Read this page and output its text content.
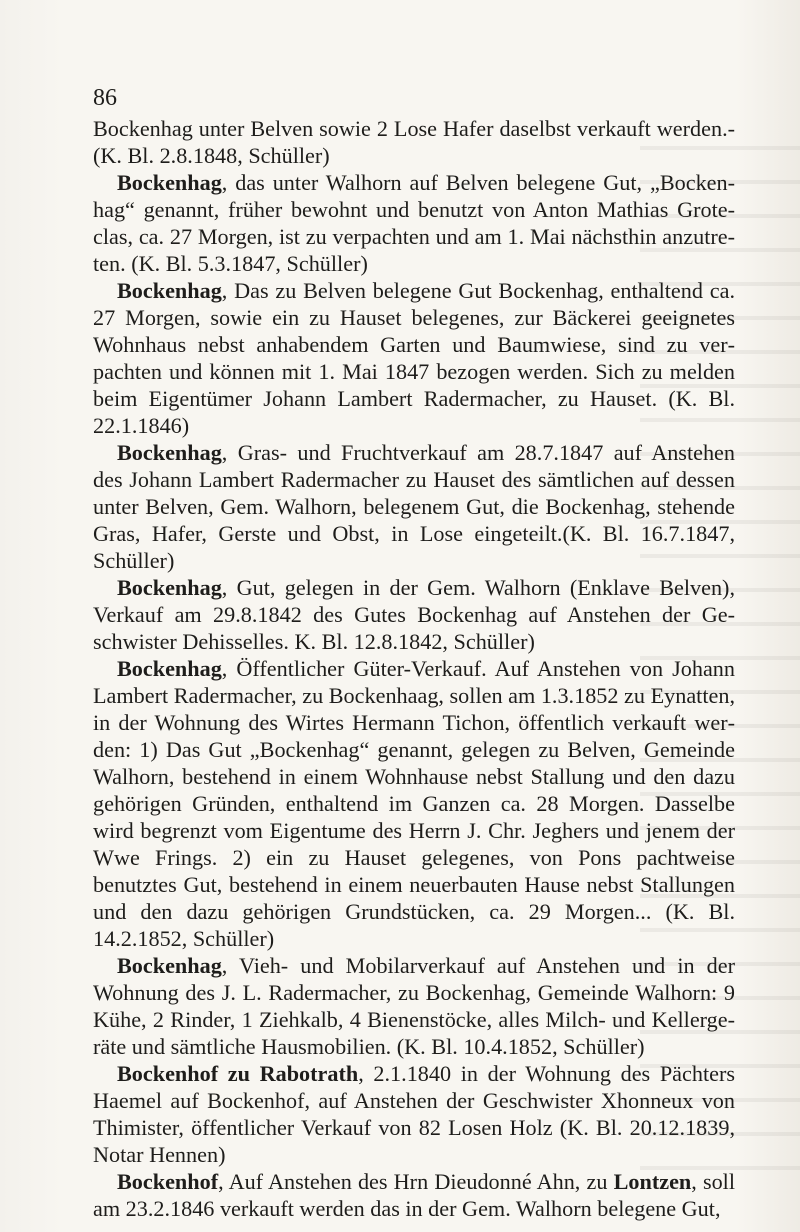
86

Bockenhag unter Belven sowie 2 Lose Hafer daselbst verkauft werden.- (K. Bl. 2.8.1848, Schüller)

Bockenhag, das unter Walhorn auf Belven belegene Gut, „Bockenhag“ genannt, früher bewohnt und benutzt von Anton Mathias Groteclas, ca. 27 Morgen, ist zu verpachten und am 1. Mai nächsthin anzutreten. (K. Bl. 5.3.1847, Schüller)

Bockenhag, Das zu Belven belegene Gut Bockenhag, enthaltend ca. 27 Morgen, sowie ein zu Hauset belegenes, zur Bäckerei geeignetes Wohnhaus nebst anhabendem Garten und Baumwiese, sind zu verpachten und können mit 1. Mai 1847 bezogen werden. Sich zu melden beim Eigentümer Johann Lambert Radermacher, zu Hauset. (K. Bl. 22.1.1846)

Bockenhag, Gras- und Fruchtverkauf am 28.7.1847 auf Anstehen des Johann Lambert Radermacher zu Hauset des sämtlichen auf dessen unter Belven, Gem. Walhorn, belegenem Gut, die Bockenhag, stehende Gras, Hafer, Gerste und Obst, in Lose eingeteilt.(K. Bl. 16.7.1847, Schüller)

Bockenhag, Gut, gelegen in der Gem. Walhorn (Enklave Belven), Verkauf am 29.8.1842 des Gutes Bockenhag auf Anstehen der Geschwister Dehisselles. K. Bl. 12.8.1842, Schüller)

Bockenhag, Öffentlicher Güter-Verkauf. Auf Anstehen von Johann Lambert Radermacher, zu Bockenhaag, sollen am 1.3.1852 zu Eynatten, in der Wohnung des Wirtes Hermann Tichon, öffentlich verkauft werden: 1) Das Gut „Bockenhag“ genannt, gelegen zu Belven, Gemeinde Walhorn, bestehend in einem Wohnhause nebst Stallung und den dazu gehörigen Gründen, enthaltend im Ganzen ca. 28 Morgen. Dasselbe wird begrenzt vom Eigentume des Herrn J. Chr. Jeghers und jenem der Wwe Frings. 2) ein zu Hauset gelegenes, von Pons pachtweise benutztes Gut, bestehend in einem neuerbauten Hause nebst Stallungen und den dazu gehörigen Grundstücken, ca. 29 Morgen... (K. Bl. 14.2.1852, Schüller)

Bockenhag, Vieh- und Mobilarverkauf auf Anstehen und in der Wohnung des J. L. Radermacher, zu Bockenhag, Gemeinde Walhorn: 9 Kühe, 2 Rinder, 1 Ziehkalb, 4 Bienenstöcke, alles Milch- und Kellergeräte und sämtliche Hausmobilien. (K. Bl. 10.4.1852, Schüller)

Bockenhof zu Rabotrath, 2.1.1840 in der Wohnung des Pächters Haemel auf Bockenhof, auf Anstehen der Geschwister Xhonneux von Thimister, öffentlicher Verkauf von 82 Losen Holz (K. Bl. 20.12.1839, Notar Hennen)

Bockenhof, Auf Anstehen des Hrn Dieudonné Ahn, zu Lontzen, soll am 23.2.1846 verkauft werden das in der Gem. Walhorn belegene Gut,
